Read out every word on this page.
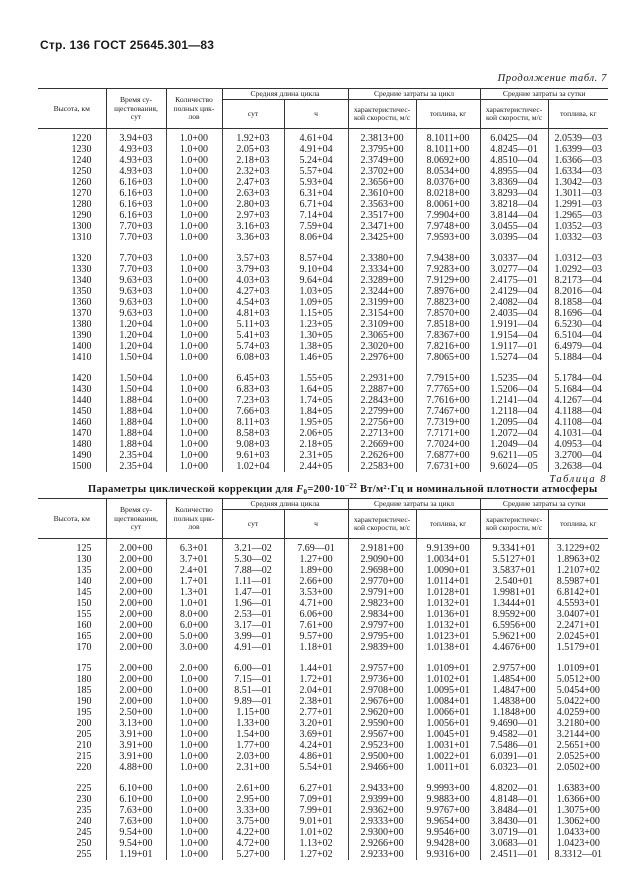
Стр. 136 ГОСТ 25645.301—83
Продолжение табл. 7
Высота, км	Время су-
ществования,
сут	Количество
полных цик-
лов	Средняя длина цикла		Средние затраты за цикл		Средние затраты за сутки	
			сут	ч	характеристичес-
кой скорости, м/с	топлива, кг	характеристичес-
кой скорости, м/с	топлива, кг
1220	3.94+03	1.0+00	1.92+03	4.61+04	2.3813+00	8.1011+00	6.0425—04	2.0539—03
1230	4.93+03	1.0+00	2.05+03	4.91+04	2.3795+00	8.1011+00	4.8245—01	1.6399—03
1240	4.93+03	1.0+00	2.18+03	5.24+04	2.3749+00	8.0692+00	4.8510—04	1.6366—03
1250	4.93+03	1.0+00	2.32+03	5.57+04	2.3702+00	8.0534+00	4.8955—04	1.6334—03
1260	6.16+03	1.0+00	2.47+03	5.93+04	2.3656+00	8.0376+00	3.8369—04	1.3042—03
1270	6.16+03	1.0+00	2.63+03	6.31+04	2.3610+00	8.0218+00	3.8293—04	1.3011—03
1280	6.16+03	1.0+00	2.80+03	6.71+04	2.3563+00	8.0061+00	3.8218—04	1.2991—03
1290	6.16+03	1.0+00	2.97+03	7.14+04	2.3517+00	7.9904+00	3.8144—04	1.2965—03
1300	7.70+03	1.0+00	3.16+03	7.59+04	2.3471+00	7.9748+00	3.0455—04	1.0352—03
1310	7.70+03	1.0+00	3.36+03	8.06+04	2.3425+00	7.9593+00	3.0395—04	1.0332—03

1320	7.70+03	1.0+00	3.57+03	8.57+04	2.3380+00	7.9438+00	3.0337—04	1.0312—03
1330	7.70+03	1.0+00	3.79+03	9.10+04	2.3334+00	7.9283+00	3.0277—04	1.0292—03
1340	9.63+03	1.0+00	4.03+03	9.64+04	2.3289+00	7.9129+00	2.4175—01	8.2173—04
1350	9.63+03	1.0+00	4.27+03	1.03+05	2.3244+00	7.8976+00	2.4129—04	8.2016—04
1360	9.63+03	1.0+00	4.54+03	1.09+05	2.3199+00	7.8823+00	2.4082—04	8.1858—04
1370	9.63+03	1.0+00	4.81+03	1.15+05	2.3154+00	7.8570+00	2.4035—04	8.1696—04
1380	1.20+04	1.0+00	5.11+03	1.23+05	2.3109+00	7.8518+00	1.9191—04	6.5230—04
1390	1.20+04	1.0+00	5.41+03	1.30+05	2.3065+00	7.8367+00	1.9154—04	6.5104—04
1400	1.20+04	1.0+00	5.74+03	1.38+05	2.3020+00	7.8216+00	1.9117—01	6.4979—04
1410	1.50+04	1.0+00	6.08+03	1.46+05	2.2976+00	7.8065+00	1.5274—04	5.1884—04

1420	1.50+04	1.0+00	6.45+03	1.55+05	2.2931+00	7.7915+00	1.5235—04	5.1784—04
1430	1.50+04	1.0+00	6.83+03	1.64+05	2.2887+00	7.7765+00	1.5206—04	5.1684—04
1440	1.88+04	1.0+00	7.23+03	1.74+05	2.2843+00	7.7616+00	1.2141—04	4.1267—04
1450	1.88+04	1.0+00	7.66+03	1.84+05	2.2799+00	7.7467+00	1.2118—04	4.1188—04
1460	1.88+04	1.0+00	8.11+03	1.95+05	2.2756+00	7.7319+00	1.2095—04	4.1108—04
1470	1.88+04	1.0+00	8.58+03	2.06+05	2.2713+00	7.7171+00	1.2072—04	4.1031—04
1480	1.88+04	1.0+00	9.08+03	2.18+05	2.2669+00	7.7024+00	1.2049—04	4.0953—04
1490	2.35+04	1.0+00	9.61+03	2.31+05	2.2626+00	7.6877+00	9.6211—05	3.2700—04
1500	2.35+04	1.0+00	1.02+04	2.44+05	2.2583+00	7.6731+00	9.6024—05	3.2638—04
Таблица 8
Параметры циклической коррекции для $F0=200\cdot 10^{-22}$ Вт/м²·Гц и номинальной плотности атмосферы
Высота, км	Время су-
ществования,
сут	Количество
полных цик-
лов	Средняя длина цикла		Средние затраты за цикл		Средние затраты за сутки	
			сут	ч	характеристичес-
кой скорости, м/с	топлива, кг	характеристичес-
кой скорости, м/с	топлива, кг
125	2.00+00	6.3+01	3.21—02	7.69—01	2.9181+00	9.9139+00	9.3341+01	3.1229+02
130	2.00+00	3.7+01	5.30—02	1.27+00	2.9090+00	1.0034+01	5.5127+01	1.8963+02
135	2.00+00	2.4+01	7.88—02	1.89+00	2.9698+00	1.0090+01	3.5837+01	1.2107+02
140	2.00+00	1.7+01	1.11—01	2.66+00	2.9770+00	1.0114+01	2.540+01	8.5987+01
145	2.00+00	1.3+01	1.47—01	3.53+00	2.9791+00	1.0128+01	1.9981+01	6.8142+01
150	2.00+00	1.0+01	1.96—01	4.71+00	2.9823+00	1.0132+01	1.3444+01	4.5593+01
155	2.00+00	8.0+00	2.53—01	6.06+00	2.9834+00	1.0136+01	8.9592+00	3.0407+01
160	2.00+00	6.0+00	3.17—01	7.61+00	2.9797+00	1.0132+01	6.5956+00	2.2471+01
165	2.00+00	5.0+00	3.99—01	9.57+00	2.9795+00	1.0123+01	5.9621+00	2.0245+01
170	2.00+00	3.0+00	4.91—01	1.18+01	2.9839+00	1.0138+01	4.4676+00	1.5179+01

175	2.00+00	2.0+00	6.00—01	1.44+01	2.9757+00	1.0109+01	2.9757+00	1.0109+01
180	2.00+00	1.0+00	7.15—01	1.72+01	2.9736+00	1.0102+01	1.4854+00	5.0512+00
185	2.00+00	1.0+00	8.51—01	2.04+01	2.9708+00	1.0095+01	1.4847+00	5.0454+00
190	2.00+00	1.0+00	9.89—01	2.38+01	2.9676+00	1.0084+01	1.4838+00	5.0422+00
195	2.50+00	1.0+00	1.15+00	2.77+01	2.9620+00	1.0066+01	1.1848+00	4.0259+00
200	3.13+00	1.0+00	1.33+00	3.20+01	2.9590+00	1.0056+01	9.4690—01	3.2180+00
205	3.91+00	1.0+00	1.54+00	3.69+01	2.9567+00	1.0045+01	9.4582—01	3.2144+00
210	3.91+00	1.0+00	1.77+00	4.24+01	2.9523+00	1.0031+01	7.5486—01	2.5651+00
215	3.91+00	1.0+00	2.03+00	4.86+01	2.9500+00	1.0022+01	6.0391—01	2.0525+00
220	4.88+00	1.0+00	2.31+00	5.54+01	2.9466+00	1.0011+01	6.0323—01	2.0502+00

225	6.10+00	1.0+00	2.61+00	6.27+01	2.9433+00	9.9993+00	4.8202—01	1.6383+00
230	6.10+00	1.0+00	2.95+00	7.09+01	2.9399+00	9.9883+00	4.8148—01	1.6366+00
235	7.63+00	1.0+00	3.33+00	7.99+01	2.9362+00	9.9767+00	3.8484—01	1.3075+00
240	7.63+00	1.0+00	3.75+00	9.01+01	2.9333+00	9.9654+00	3.8430—01	1.3062+00
245	9.54+00	1.0+00	4.22+00	1.01+02	2.9300+00	9.9546+00	3.0719—01	1.0433+00
250	9.54+00	1.0+00	4.72+00	1.13+02	2.9266+00	9.9428+00	3.0683—01	1.0423+00
255	1.19+01	1.0+00	5.27+00	1.27+02	2.9233+00	9.9316+00	2.4511—01	8.3312—01
